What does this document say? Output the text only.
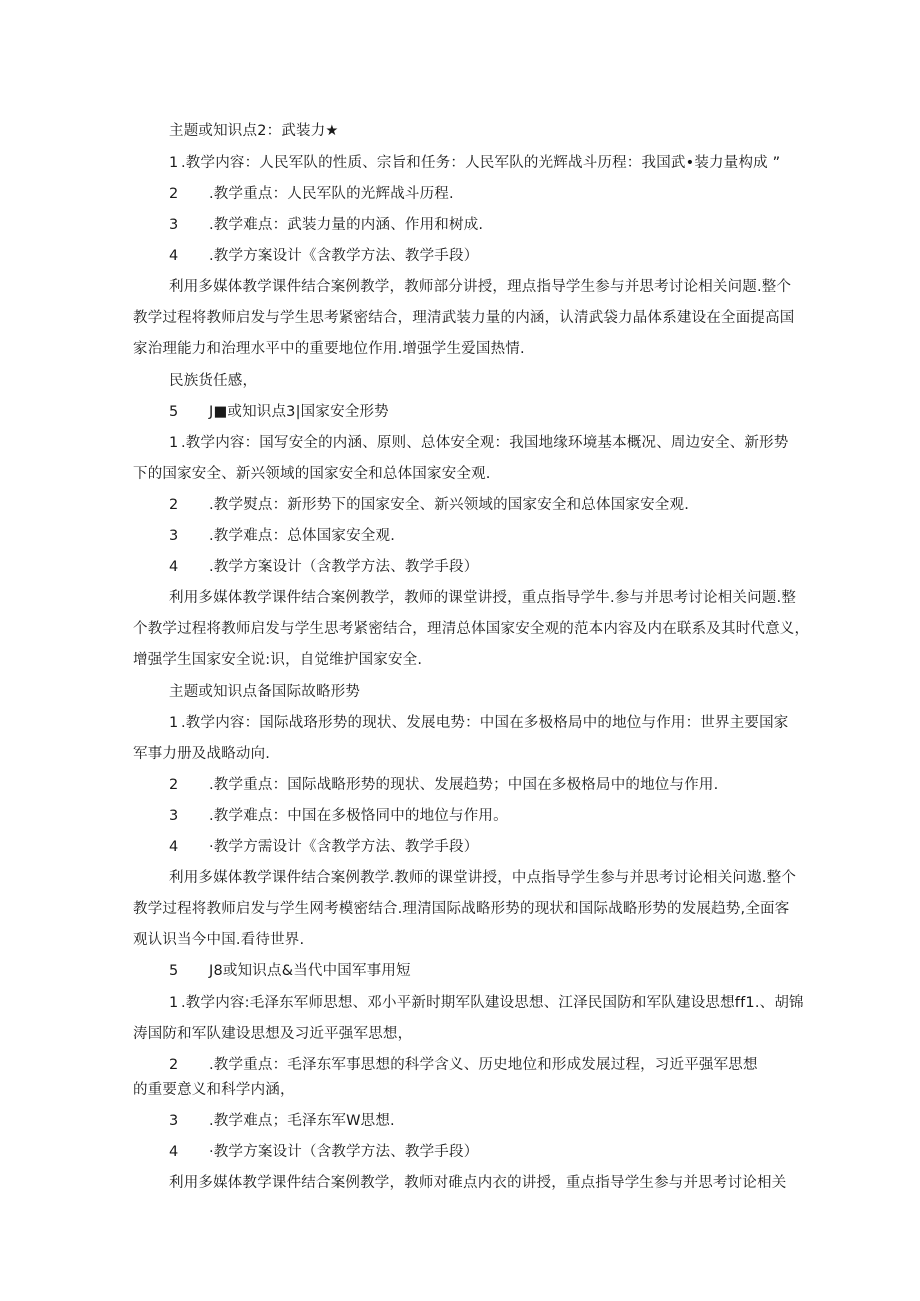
主题或知识点2：武装力★
1 .教学内容：人民军队的性质、宗旨和任务：人民军队的光辉战斗历程：我国武•装力量构成 ”
2 .教学重点：人民军队的光辉战斗历程.
3 .教学难点：武装力量的内涵、作用和树成.
4 .教学方案设计《含教学方法、教学手段）
利用多媒体教学课件结合案例教学，教师部分讲授，理点指导学生参与并思考讨论相关问题.整个
教学过程将教师启发与学生思考紧密结合，理清武装力量的内涵，认清武袋力晶体系建设在全面提高国
家治理能力和治理水平中的重要地位作用.增强学生爱国热情.
民族货任感，
5 J■或知识点3|国家安全形势
1 .教学内容：国写安全的内涵、原则、总体安全观：我国地缘环境基本概况、周边安全、新形势
下的国家安全、新兴领域的国家安全和总体国家安全观.
2 .教学熨点：新形势下的国家安全、新兴领域的国家安全和总体国家安全观.
3 .教学难点：总体国家安全观.
4 .教学方案设计（含教学方法、教学手段）
利用多媒体教学课件结合案例教学，教师的课堂讲授，重点指导学牛.参与并思考讨论相关问题.整
个教学过程将教师启发与学生思考紧密结合，理清总体国家安全观的范本内容及内在联系及其时代意义，
增强学生国家安全说:识，自觉维护国家安全.
主题或知识点备国际故略形势
1 .教学内容：国际战珞形势的现状、发展电势：中国在多极格局中的地位与作用：世界主要国家
军事力册及战略动向.
2 .教学重点：国际战略形势的现状、发展趋势；中国在多极格局中的地位与作用.
3 .教学难点：中国在多极恪同中的地位与作用。
4 ·教学方需设计《含教学方法、教学手段）
利用多媒体教学课件结合案例教学.教师的课堂讲授，中点指导学生参与并思考讨论相关问遨.整个
教学过程将教师启发与学生网考模密结合.理清国际战略形势的现状和国际战略形势的发展趋势,全面客
观认识当今中国.看待世界.
5 J8或知识点&当代中国军事用短
1 .教学内容:毛泽东军师思想、邓小平新时期军队建设思想、江泽民国防和军队建设思想ff1.、胡锦
涛国防和军队建设思想及习近平强军思想，
2 .教学重点：毛泽东军事思想的科学含义、历史地位和形成发展过程，习近平强军思想
的重要意义和科学内涵，
3 .教学难点；毛泽东军W思想.
4 ·教学方案设计（含教学方法、教学手段）
利用多媒体教学课件结合案例教学，教师对碓点内衣的讲授，重点指导学生参与并思考讨论相关
